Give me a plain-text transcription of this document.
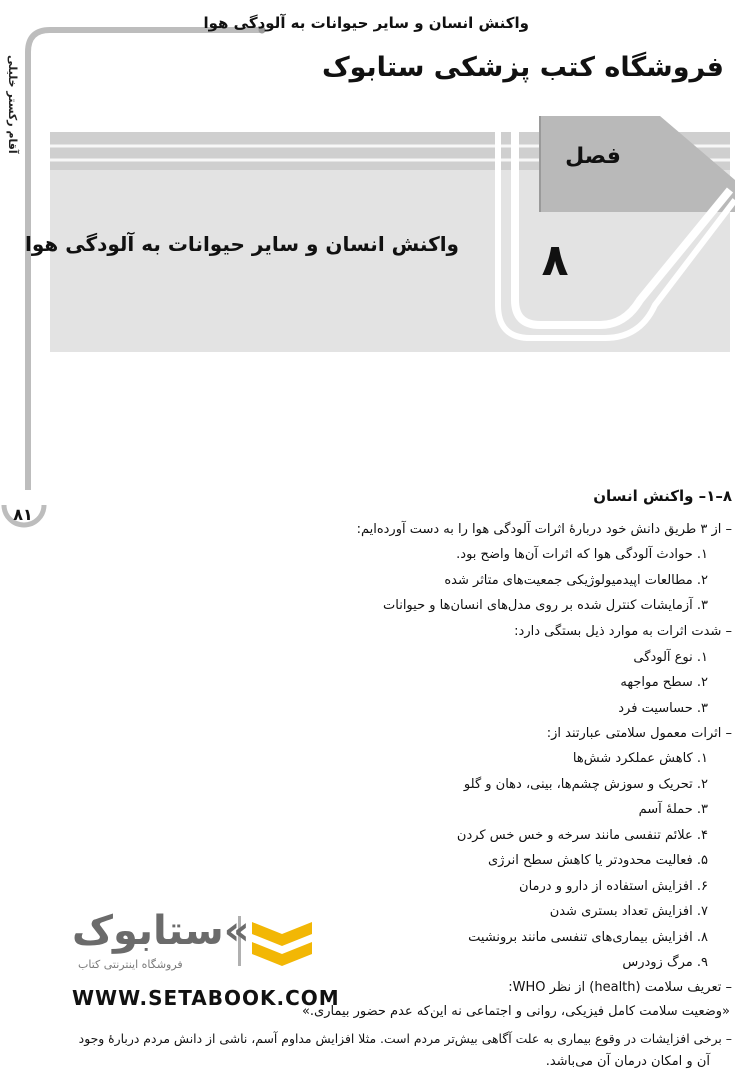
واکنش انسان و سایر حیوانات به آلودگی هوا
فروشگاه کتب پزشکی ستابوک
آقام رکستر خلیلی
۸۱
فصل
۸
واکنش انسان و سایر حیوانات به آلودگی هوا
۸–۱– واکنش انسان
– از ۳ طریق دانش خود دربارهٔ اثرات آلودگی هوا را به دست آورده‌ایم:
۱. حوادث آلودگی هوا که اثرات آن‌ها واضح بود.
۲. مطالعات اپیدمیولوژیکی جمعیت‌های متاثر شده
۳. آزمایشات کنترل شده بر روی مدل‌های انسان‌ها و حیوانات
– شدت اثرات به موارد ذیل بستگی دارد:
۱. نوع آلودگی
۲. سطح مواجهه
۳. حساسیت فرد
– اثرات معمول سلامتی عبارتند از:
۱. کاهش عملکرد شش‌ها
۲. تحریک و سوزش چشم‌ها، بینی، دهان و گلو
۳. حملهٔ آسم
۴. علائم تنفسی مانند سرخه و خس خس کردن
۵. فعالیت محدودتر یا کاهش سطح انرژی
۶. افزایش استفاده از دارو و درمان
۷. افزایش تعداد بستری شدن
۸. افزایش بیماری‌های تنفسی مانند برونشیت
۹. مرگ زودرس
– تعریف سلامت (health) از نظر WHO:
«وضعیت سلامت کامل فیزیکی، روانی و اجتماعی نه این‌که عدم حضور بیماری.»
– برخی افزایشات در وقوع بیماری به علت آگاهی بیش‌تر مردم است. مثلا افزایش مداوم آسم، ناشی از دانش مردم دربارهٔ وجود
آن و امکان درمان آن می‌باشد.
ستابوک«
فروشگاه اینترنتی کتاب
WWW.SETABOOK.COM
